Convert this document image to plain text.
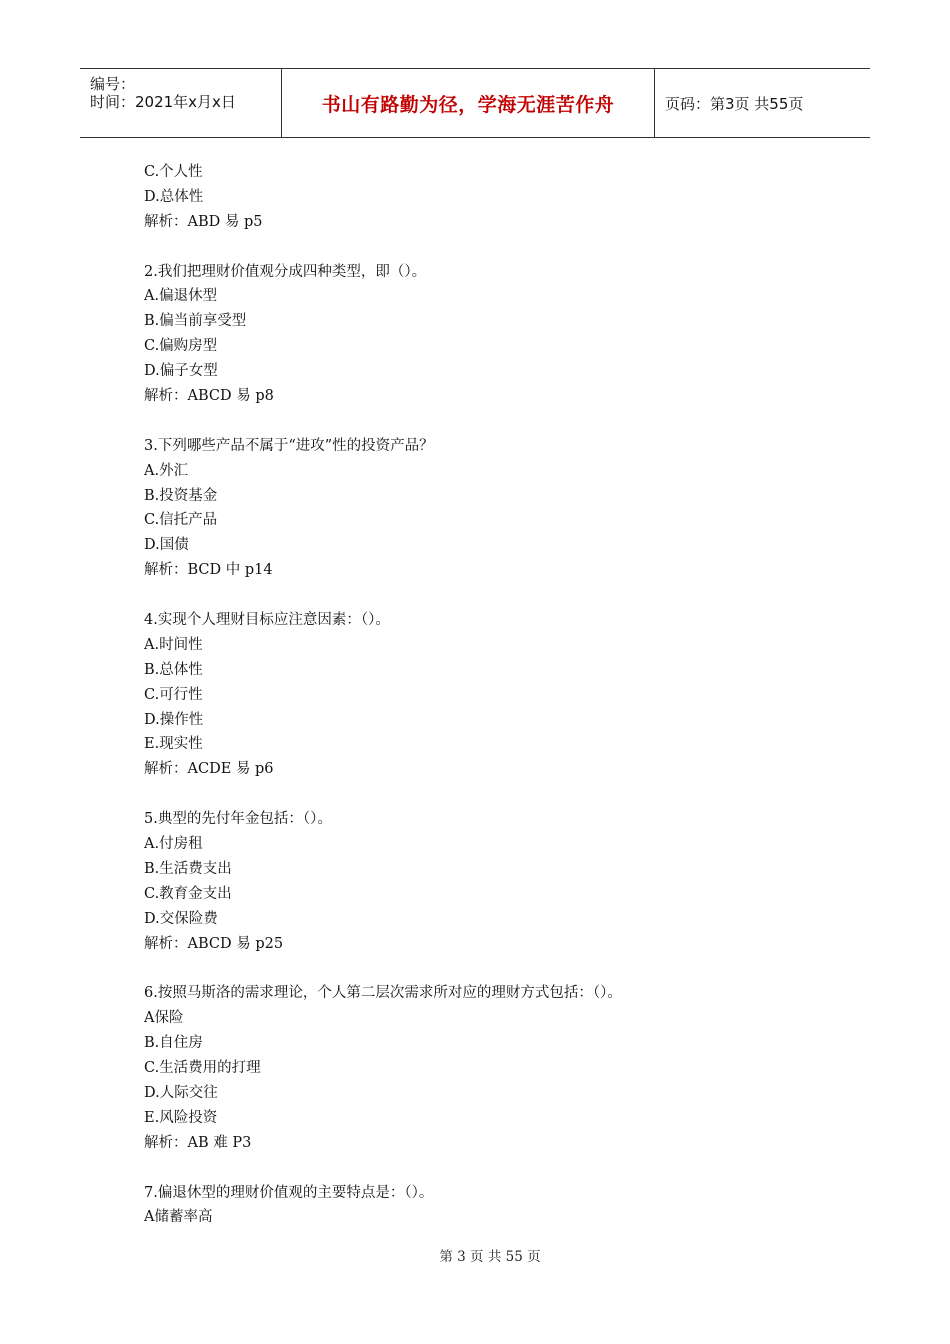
编号：
时间：2021年x月x日	书山有路勤为径，学海无涯苦作舟	页码：第3页 共55页
C.个人性
D.总体性
解析：ABD 易 p5
2.我们把理财价值观分成四种类型，即（）。
A.偏退休型
B.偏当前享受型
C.偏购房型
D.偏子女型
解析：ABCD 易 p8
3.下列哪些产品不属于“进攻”性的投资产品？
A.外汇
B.投资基金
C.信托产品
D.国债
解析：BCD 中 p14
4.实现个人理财目标应注意因素：（）。
A.时间性
B.总体性
C.可行性
D.操作性
E.现实性
解析：ACDE 易 p6
5.典型的先付年金包括：（）。
A.付房租
B.生活费支出
C.教育金支出
D.交保险费
解析：ABCD 易 p25
6.按照马斯洛的需求理论，个人第二层次需求所对应的理财方式包括：（）。
A保险
B.自住房
C.生活费用的打理
D.人际交往
E.风险投资
解析：AB 难 P3
7.偏退休型的理财价值观的主要特点是：（）。
A储蓄率高
第 3 页 共 55 页
